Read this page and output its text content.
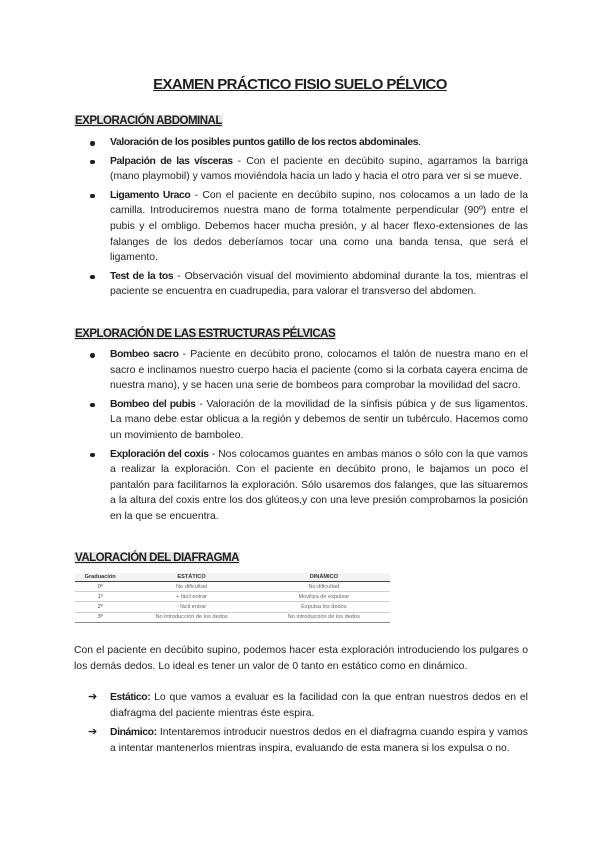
EXAMEN PRÁCTICO FISIO SUELO PÉLVICO
EXPLORACIÓN ABDOMINAL
Valoración de los posibles puntos gatillo de los rectos abdominales.
Palpación de las vísceras - Con el paciente en decúbito supino, agarramos la barriga (mano playmobil) y vamos moviéndola hacia un lado y hacia el otro para ver si se mueve.
Ligamento Uraco - Con el paciente en decúbito supino, nos colocamos a un lado de la camilla. Introduciremos nuestra mano de forma totalmente perpendicular (90º) entre el pubis y el ombligo. Debemos hacer mucha presión, y al hacer flexo-extensiones de las falanges de los dedos deberíamos tocar una como una banda tensa, que será el ligamento.
Test de la tos - Observación visual del movimiento abdominal durante la tos, mientras el paciente se encuentra en cuadrupedia, para valorar el transverso del abdomen.
EXPLORACIÓN DE LAS ESTRUCTURAS PÉLVICAS
Bombeo sacro - Paciente en decúbito prono, colocamos el talón de nuestra mano en el sacro e inclinamos nuestro cuerpo hacia el paciente (como si la corbata cayera encima de nuestra mano), y se hacen una serie de bombeos para comprobar la movilidad del sacro.
Bombeo del pubis - Valoración de la movilidad de la sínfisis púbica y de sus ligamentos. La mano debe estar oblicua a la región y debemos de sentir un tubérculo. Hacemos como un movimiento de bamboleo.
Exploración del coxis - Nos colocamos guantes en ambas manos o sólo con la que vamos a realizar la exploración. Con el paciente en decúbito prono, le bajamos un poco el pantalón para facilitarnos la exploración. Sólo usaremos dos falanges, que las situaremos a la altura del coxis entre los dos glúteos,y con una leve presión comprobamos la posición en la que se encuentra.
VALORACIÓN DEL DIAFRAGMA
Graduación	ESTÁTICO	DINÁMICO
0º	No dificultad	No dificultad
1º	+ fácil entrar	Moviliza de expulsar
2º	- fácil entrar	Expulsa los dedos
3º	No introducción de los dedos	No introducción de los dedos

Con el paciente en decúbito supino, podemos hacer esta exploración introduciendo los pulgares o los demás dedos. Lo ideal es tener un valor de 0 tanto en estático como en dinámico.

➔ Estático: Lo que vamos a evaluar es la facilidad con la que entran nuestros dedos en el diafragma del paciente mientras éste espira.
➔ Dinámico: Intentaremos introducir nuestros dedos en el diafragma cuando espira y vamos a intentar mantenerlos mientras inspira, evaluando de esta manera si los expulsa o no.
